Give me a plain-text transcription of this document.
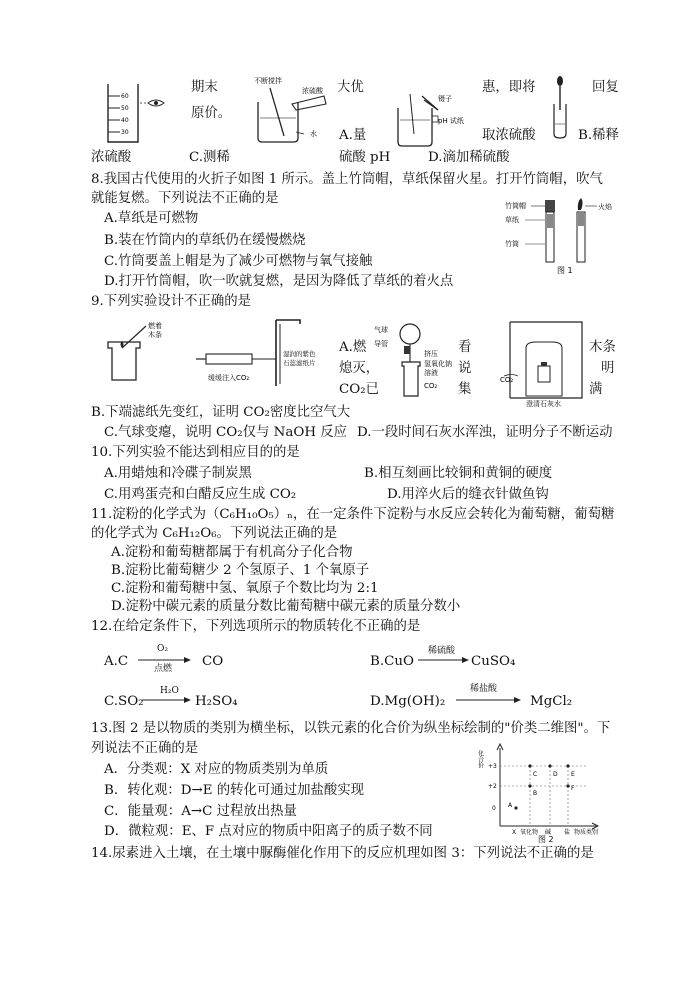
60
50
40
30
期末
原价。
不断搅拌
浓硫酸
水
大优
A.量
镊子
pH 试纸
惠，即将
取浓硫酸
回复
B.稀释
浓硫酸	C.测稀	硫酸 pH	D.滴加稀硫酸
8.我国古代使用的火折子如图 1 所示。盖上竹筒帽，草纸保留火星。打开竹筒帽，吹气
就能复燃。下列说法不正确的是
A.草纸是可燃物
B.装在竹筒内的草纸仍在缓慢燃烧
C.竹筒要盖上帽是为了减少可燃物与氧气接触
D.打开竹筒帽，吹一吹就复燃，是因为降低了草纸的着火点
竹筒帽
草纸
竹筒
火焰
图 1
9.下列实验设计不正确的是
燃着
木条
缓缓注入CO₂
湿润的紫色
石蕊滤纸片
A.燃
熄灭，
CO₂已
气球
导管
挤压
氢氧化钠
溶液
CO₂
看
说
集
CO₂
澄清石灰水
木条
明
满
B.下端滤纸先变红，证明 CO₂密度比空气大
C.气球变瘪，说明 CO₂仅与 NaOH 反应 D.一段时间石灰水浑浊，证明分子不断运动
10.下列实验不能达到相应目的的是
A.用蜡烛和冷碟子制炭黑	B.相互刻画比较铜和黄铜的硬度
C.用鸡蛋壳和白醋反应生成 CO₂	D.用淬火后的缝衣针做鱼钩
11.淀粉的化学式为（C₆H₁₀O₅）ₙ，在一定条件下淀粉与水反应会转化为葡萄糖，葡萄糖
的化学式为 C₆H₁₂O₆。下列说法正确的是
A.淀粉和葡萄糖都属于有机高分子化合物
B.淀粉比葡萄糖少 2 个氢原子、1 个氧原子
C.淀粉和葡萄糖中氢、氧原子个数比均为 2:1
D.淀粉中碳元素的质量分数比葡萄糖中碳元素的质量分数小
12.在给定条件下，下列选项所示的物质转化不正确的是
A.C
O₂
点燃 CO	B.CuO
稀硫酸
CuSO₄
C.SO₂
H₂O
H₂SO₄	D.Mg(OH)₂
稀盐酸
MgCl₂
13.图 2 是以物质的类别为横坐标，以铁元素的化合价为纵坐标绘制的"价类二维图"。下
列说法不正确的是
A．分类观：X 对应的物质类别为单质
B．转化观：D→E 的转化可通过加盐酸实现
C．能量观：A→C 过程放出热量
D．微粒观：E、F 点对应的物质中阳离子的质子数不同
化合价 +3
+2
0 A
B
C	D E
F
X 氧化物 碱 盐 物质类别
图 2
14.尿素进入土壤，在土壤中脲酶催化作用下的反应机理如图 3：下列说法不正确的是
